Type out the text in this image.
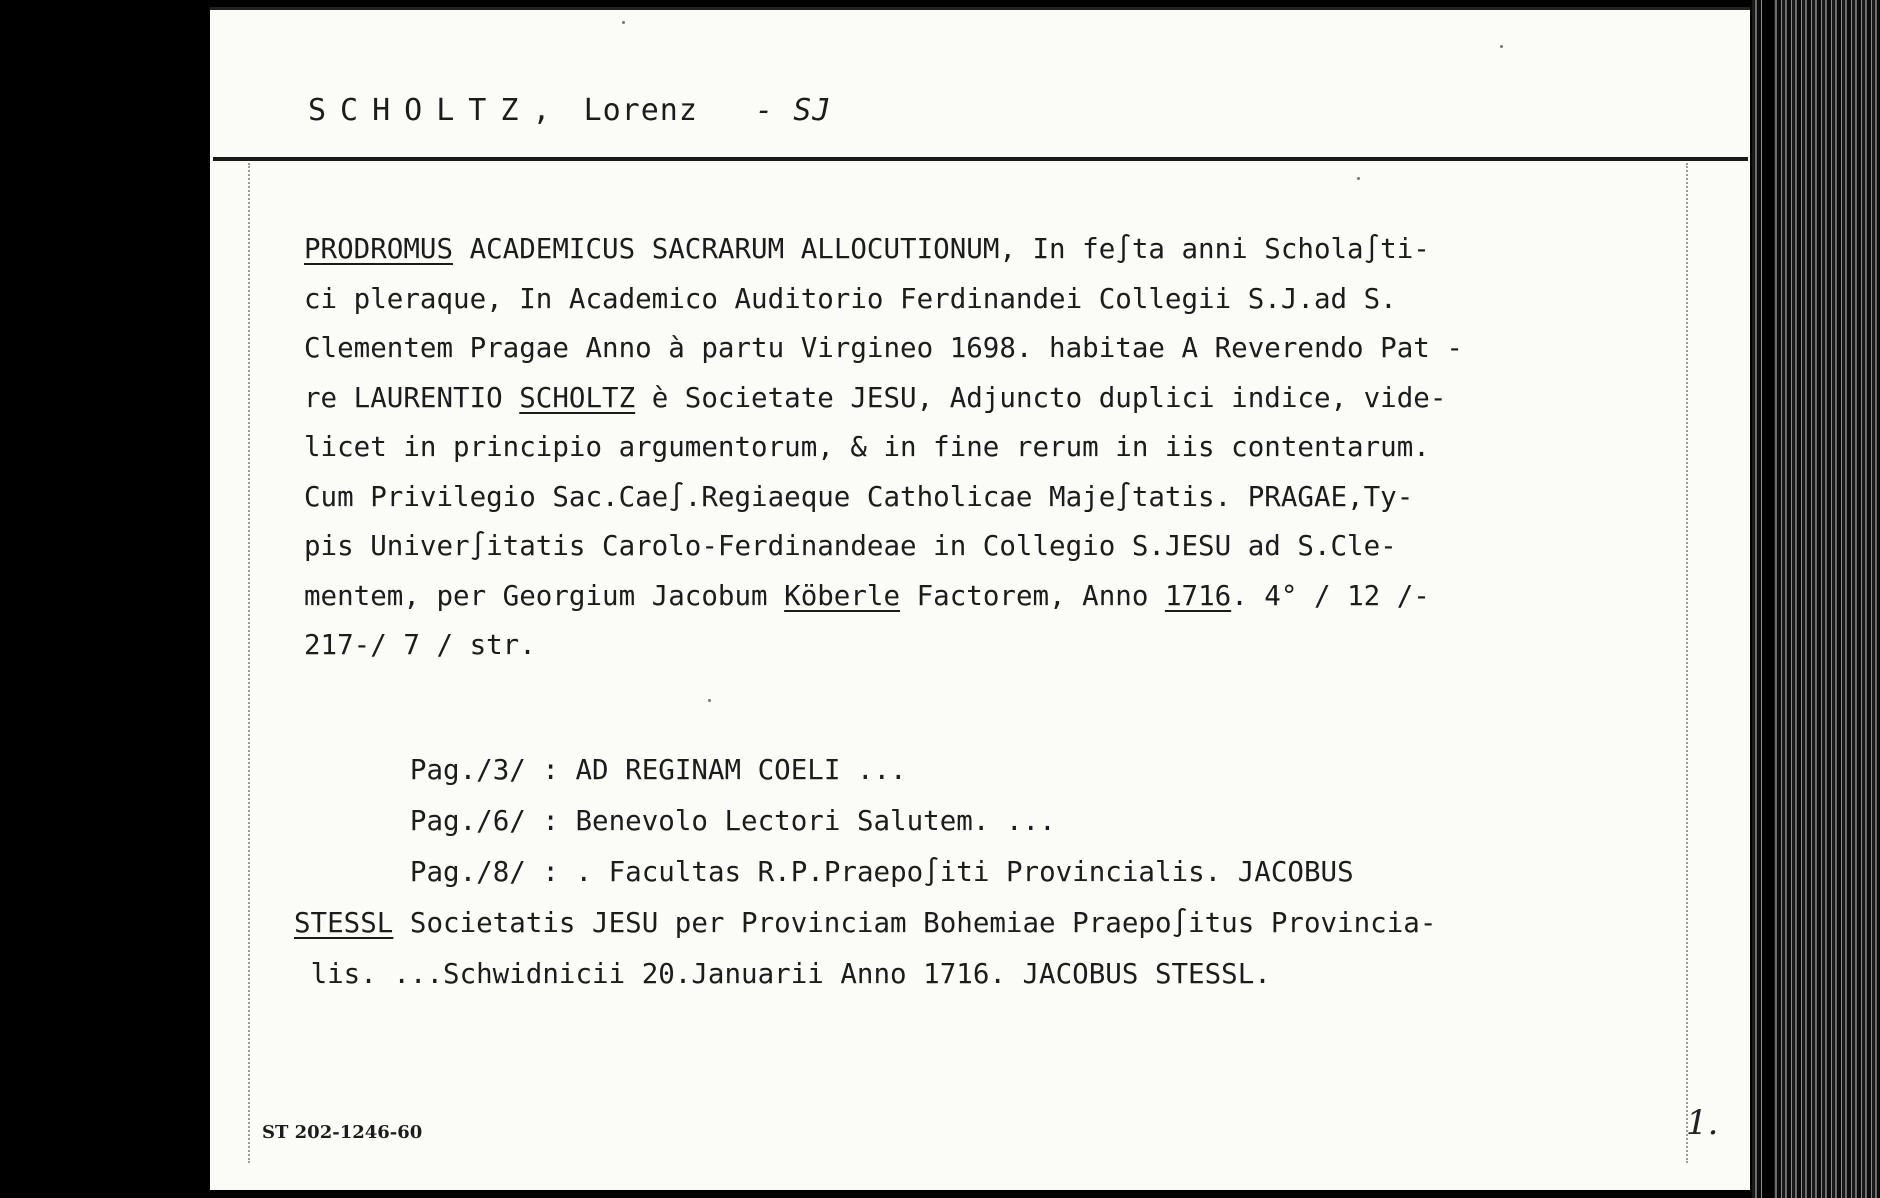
SCHOLTZ, Lorenz - SJ
PRODROMUS ACADEMICUS SACRARUM ALLOCUTIONUM, In fe∫ta anni Schola∫ti-
ci pleraque, In Academico Auditorio Ferdinandei Collegii S.J.ad S.
Clementem Pragae Anno à partu Virgineo 1698. habitae A Reverendo Pat -
re LAURENTIO SCHOLTZ è Societate JESU, Adjuncto duplici indice, vide-
licet in principio argumentorum, & in fine rerum in iis contentarum.
Cum Privilegio Sac.Cae∫.Regiaeque Catholicae Maje∫tatis. PRAGAE,Ty-
pis Univer∫itatis Carolo-Ferdinandeae in Collegio S.JESU ad S.Cle-
mentem, per Georgium Jacobum Köberle Factorem, Anno 1716. 4° / 12 /-
217-/ 7 / str.
Pag./3/ : AD REGINAM COELI ...
Pag./6/ : Benevolo Lectori Salutem. ...
Pag./8/ : . Facultas R.P.Praepo∫iti Provincialis. JACOBUS
STESSL Societatis JESU per Provinciam Bohemiae Praepo∫itus Provincia-
lis. ...Schwidnicii 20.Januarii Anno 1716. JACOBUS STESSL.
ST 202-1246-60	1.
